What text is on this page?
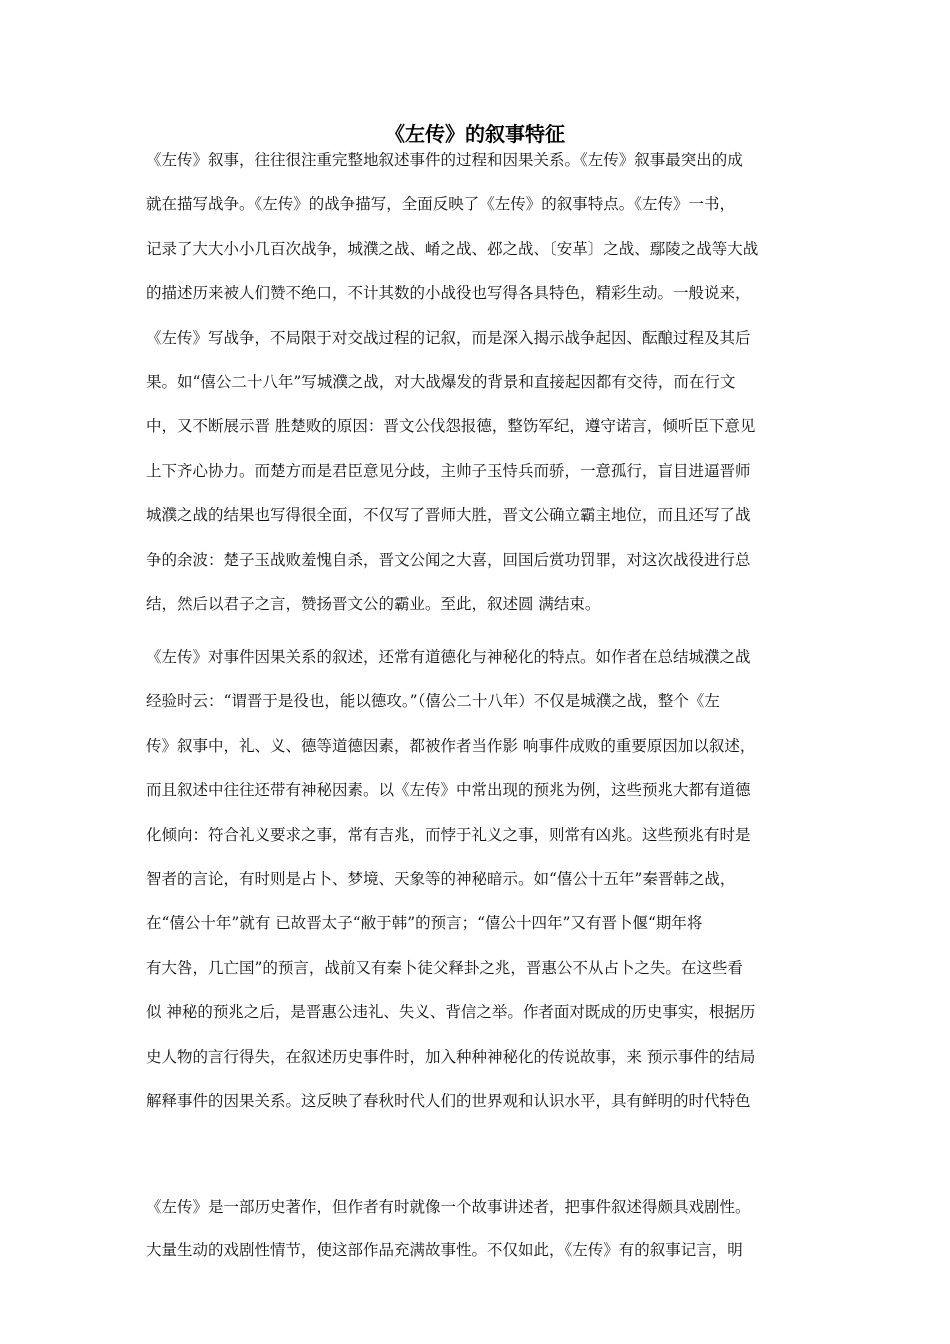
《左传》的叙事特征
《左传》叙事，往往很注重完整地叙述事件的过程和因果关系。《左传》叙事最突出的成
就在描写战争。《左传》的战争描写，全面反映了《左传》的叙事特点。《左传》一书，
记录了大大小小几百次战争，城濮之战、崤之战、邲之战、〔安革〕之战、鄢陵之战等大战
的描述历来被人们赞不绝口，不计其数的小战役也写得各具特色，精彩生动。一般说来，
《左传》写战争，不局限于对交战过程的记叙，而是深入揭示战争起因、酝酿过程及其后
果。如“僖公二十八年”写城濮之战，对大战爆发的背景和直接起因都有交待，而在行文
中，又不断展示晋 胜楚败的原因：晋文公伐怨报德，整饬军纪，遵守诺言，倾听臣下意见
上下齐心协力。而楚方而是君臣意见分歧，主帅子玉恃兵而骄，一意孤行，盲目进逼晋师
城濮之战的结果也写得很全面，不仅写了晋师大胜，晋文公确立霸主地位，而且还写了战
争的余波：楚子玉战败羞愧自杀，晋文公闻之大喜，回国后赏功罚罪，对这次战役进行总
结，然后以君子之言，赞扬晋文公的霸业。至此，叙述圆 满结束。
《左传》对事件因果关系的叙述，还常有道德化与神秘化的特点。如作者在总结城濮之战
经验时云：“谓晋于是役也，能以德攻。”（僖公二十八年）不仅是城濮之战，整个《左
传》叙事中，礼、义、德等道德因素，都被作者当作影 响事件成败的重要原因加以叙述，
而且叙述中往往还带有神秘因素。以《左传》中常出现的预兆为例，这些预兆大都有道德
化倾向：符合礼义要求之事，常有吉兆，而悖于礼义之事，则常有凶兆。这些预兆有时是
智者的言论，有时则是占卜、梦境、天象等的神秘暗示。如“僖公十五年”秦晋韩之战，
在“僖公十年”就有 已故晋太子“敝于韩”的预言；“僖公十四年”又有晋卜偃“期年将
有大咎，几亡国”的预言，战前又有秦卜徒父释卦之兆，晋惠公不从占卜之失。在这些看
似 神秘的预兆之后，是晋惠公违礼、失义、背信之举。作者面对既成的历史事实，根据历
史人物的言行得失，在叙述历史事件时，加入种种神秘化的传说故事，来 预示事件的结局
解释事件的因果关系。这反映了春秋时代人们的世界观和认识水平，具有鲜明的时代特色
《左传》是一部历史著作，但作者有时就像一个故事讲述者，把事件叙述得颇具戏剧性。
大量生动的戏剧性情节，使这部作品充满故事性。不仅如此，《左传》有的叙事记言，明
